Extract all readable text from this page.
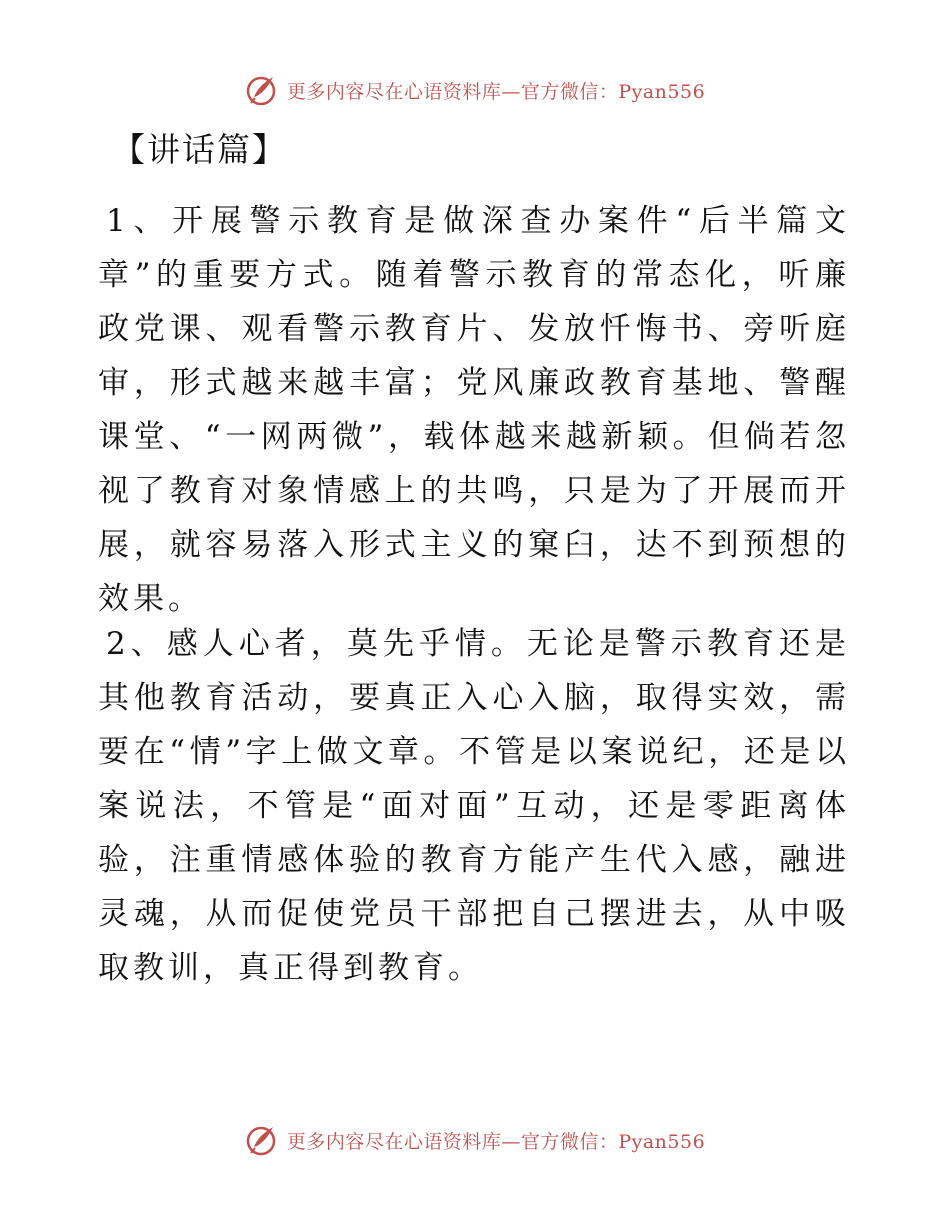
更多内容尽在心语资料库—官方微信：Pyan556
【讲话篇】
1、开展警示教育是做深查办案件“后半篇文章”的重要方式。随着警示教育的常态化，听廉政党课、观看警示教育片、发放忏悔书、旁听庭审，形式越来越丰富；党风廉政教育基地、警醒课堂、“一网两微”，载体越来越新颖。但倘若忽视了教育对象情感上的共鸣，只是为了开展而开展，就容易落入形式主义的窠臼，达不到预想的效果。
2、感人心者，莫先乎情。无论是警示教育还是其他教育活动，要真正入心入脑，取得实效，需要在“情”字上做文章。不管是以案说纪，还是以案说法，不管是“面对面”互动，还是零距离体验，注重情感体验的教育方能产生代入感，融进灵魂，从而促使党员干部把自己摆进去，从中吸取教训，真正得到教育。
更多内容尽在心语资料库—官方微信：Pyan556
